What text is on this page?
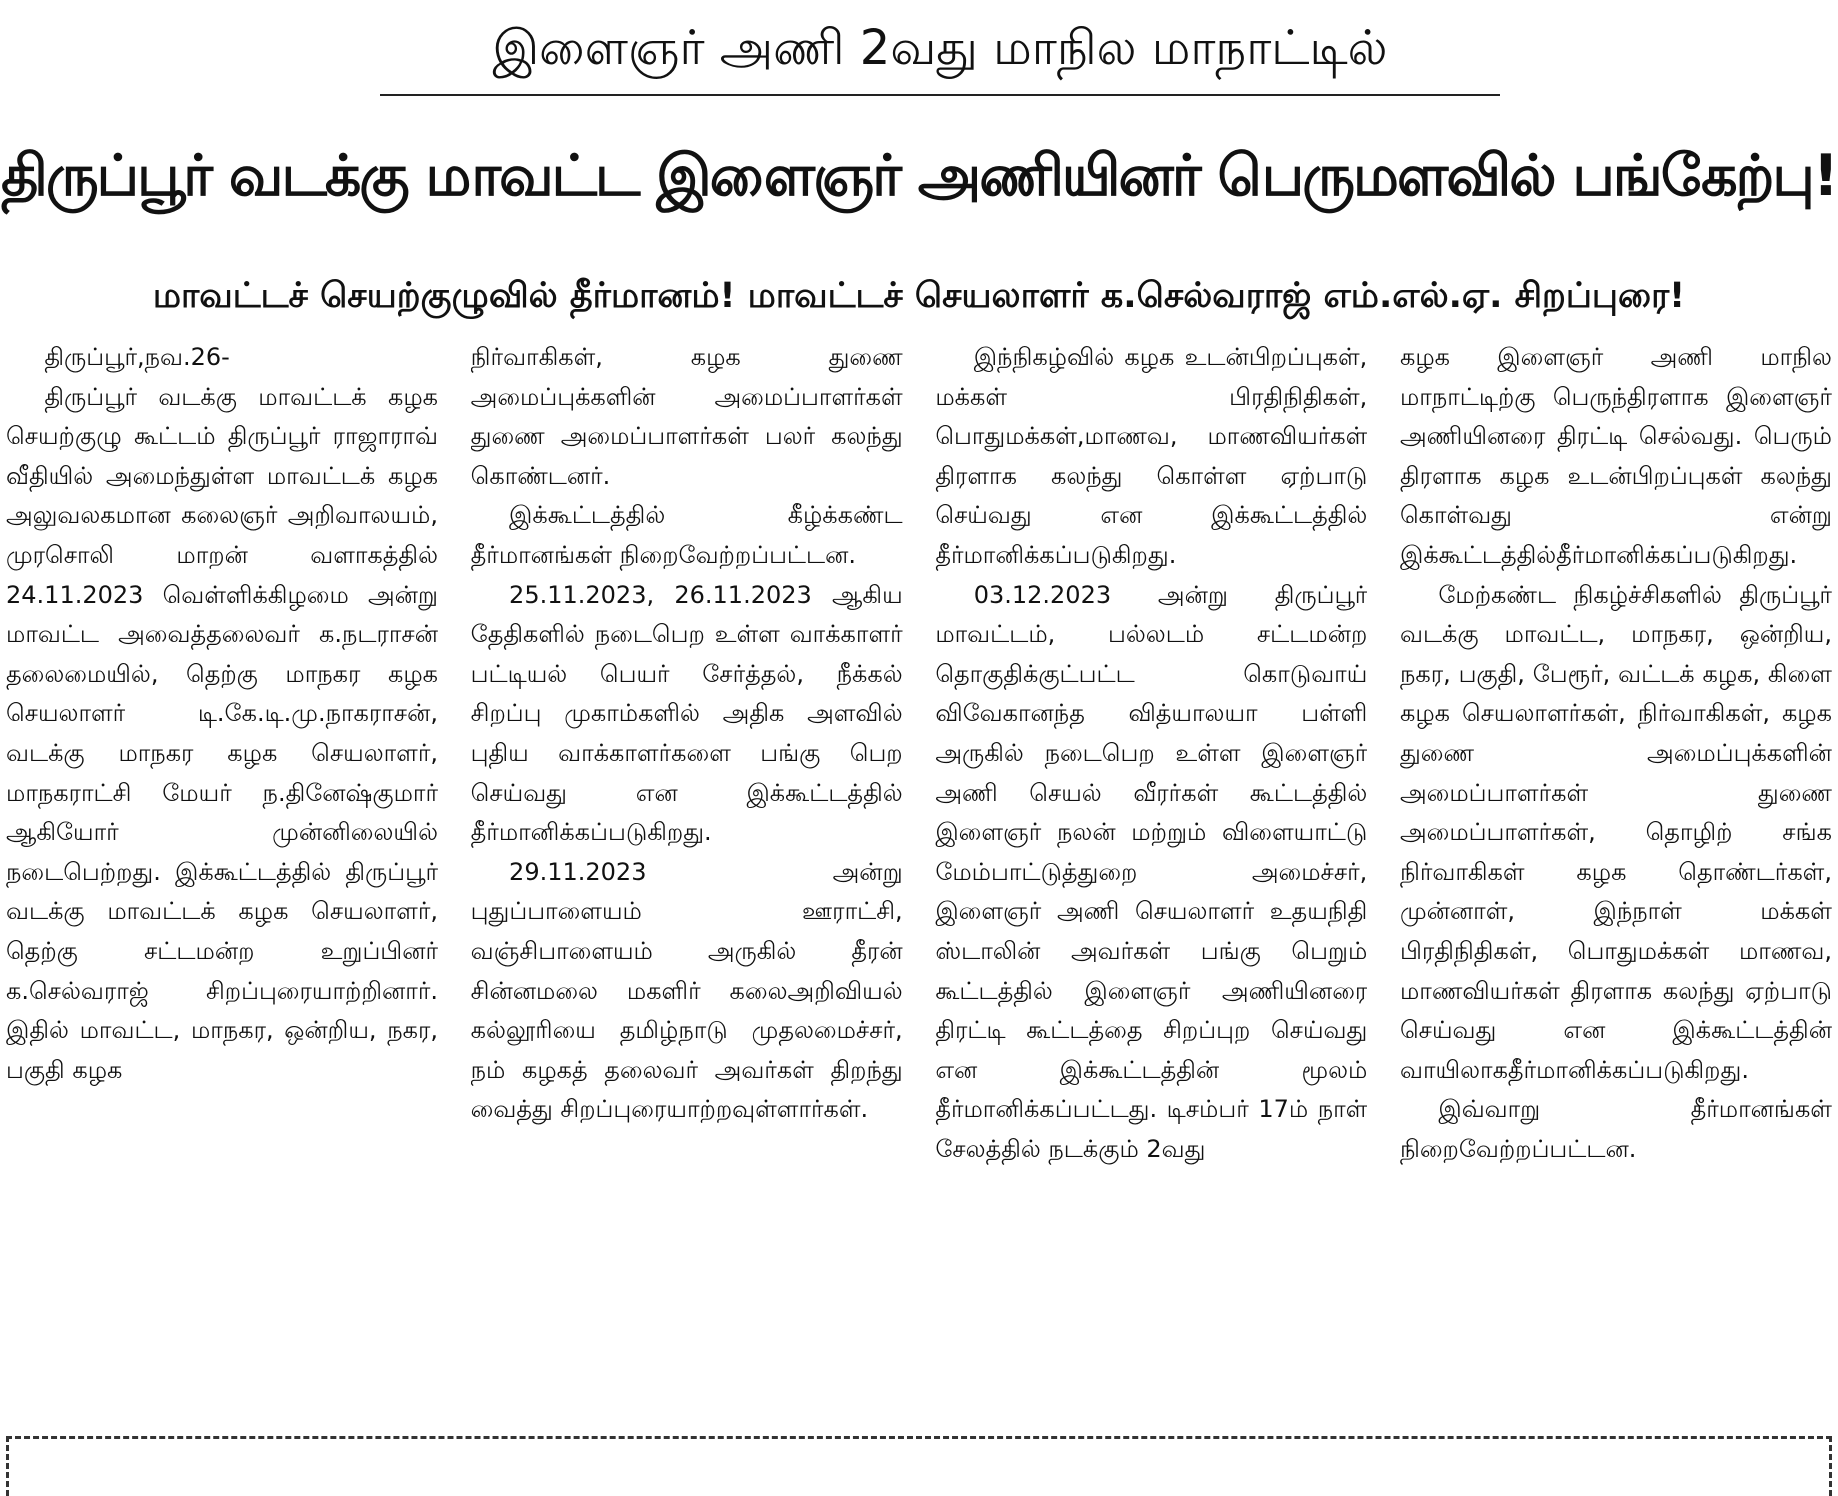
இளைஞர் அணி 2வது மாநில மாநாட்டில்
திருப்பூர் வடக்கு மாவட்ட இளைஞர் அணியினர் பெருமளவில் பங்கேற்பு!
மாவட்டச் செயற்குழுவில் தீர்மானம்! மாவட்டச் செயலாளர் க.செல்வராஜ் எம்.எல்.ஏ. சிறப்புரை!

திருப்பூர்,நவ.26-

திருப்பூர் வடக்கு மாவட்டக் கழக செயற்குழு கூட்டம் திருப்பூர் ராஜாராவ் வீதியில் அமைந்துள்ள மாவட்டக் கழக அலுவலகமான கலைஞர் அறிவாலயம், முரசொலி மாறன் வளாகத்தில் 24.11.2023 வெள்ளிக்கிழமை அன்று மாவட்ட அவைத்தலைவர் க.நடராசன் தலைமையில், தெற்கு மாநகர கழக செயலாளர் டி.கே.டி.மு.நாகராசன், வடக்கு மாநகர கழக செயலாளர், மாநகராட்சி மேயர் ந.தினேஷ்குமார் ஆகியோர் முன்னிலையில் நடைபெற்றது. இக்கூட்டத்தில் திருப்பூர் வடக்கு மாவட்டக் கழக செயலாளர், தெற்கு சட்டமன்ற உறுப்பினர் க.செல்வராஜ் சிறப்புரையாற்றினார். இதில் மாவட்ட, மாநகர, ஒன்றிய, நகர, பகுதி கழக

நிர்வாகிகள், கழக துணை அமைப்புக்களின் அமைப்பாளர்கள் துணை அமைப்பாளர்கள் பலர் கலந்து கொண்டனர்.

இக்கூட்டத்தில் கீழ்க்கண்ட தீர்மானங்கள் நிறைவேற்றப்பட்டன.

25.11.2023, 26.11.2023 ஆகிய தேதிகளில் நடைபெற உள்ள வாக்காளர் பட்டியல் பெயர் சேர்த்தல், நீக்கல் சிறப்பு முகாம்களில் அதிக அளவில் புதிய வாக்காளர்களை பங்கு பெற செய்வது என இக்கூட்டத்தில் தீர்மானிக்கப்படுகிறது.

29.11.2023 அன்று புதுப்பாளையம் ஊராட்சி, வஞ்சிபாளையம் அருகில் தீரன் சின்னமலை மகளிர் கலைஅறிவியல் கல்லூரியை தமிழ்நாடு முதலமைச்சர், நம் கழகத் தலைவர் அவர்கள் திறந்து வைத்து சிறப்புரையாற்றவுள்ளார்கள்.

இந்நிகழ்வில் கழக உடன்பிறப்புகள், மக்கள் பிரதிநிதிகள், பொதுமக்கள்,மாணவ, மாணவியர்கள் திரளாக கலந்து கொள்ள ஏற்பாடு செய்வது என இக்கூட்டத்தில் தீர்மானிக்கப்படுகிறது.

03.12.2023 அன்று திருப்பூர் மாவட்டம், பல்லடம் சட்டமன்ற தொகுதிக்குட்பட்ட கொடுவாய் விவேகானந்த வித்யாலயா பள்ளி அருகில் நடைபெற உள்ள இளைஞர் அணி செயல் வீரர்கள் கூட்டத்தில் இளைஞர் நலன் மற்றும் விளையாட்டு மேம்பாட்டுத்துறை அமைச்சர், இளைஞர் அணி செயலாளர் உதயநிதி ஸ்டாலின் அவர்கள் பங்கு பெறும் கூட்டத்தில் இளைஞர் அணியினரை திரட்டி கூட்டத்தை சிறப்புற செய்வது என இக்கூட்டத்தின் மூலம் தீர்மானிக்கப்பட்டது. டிசம்பர் 17ம் நாள் சேலத்தில் நடக்கும் 2வது

கழக இளைஞர் அணி மாநில மாநாட்டிற்கு பெருந்திரளாக இளைஞர் அணியினரை திரட்டி செல்வது. பெரும் திரளாக கழக உடன்பிறப்புகள் கலந்து கொள்வது என்று இக்கூட்டத்தில்தீர்மானிக்கப்படுகிறது.

மேற்கண்ட நிகழ்ச்சிகளில் திருப்பூர் வடக்கு மாவட்ட, மாநகர, ஒன்றிய, நகர, பகுதி, பேரூர், வட்டக் கழக, கிளை கழக செயலாளர்கள், நிர்வாகிகள், கழக துணை அமைப்புக்களின் அமைப்பாளர்கள் துணை அமைப்பாளர்கள், தொழிற் சங்க நிர்வாகிகள் கழக தொண்டர்கள், முன்னாள், இந்நாள் மக்கள் பிரதிநிதிகள், பொதுமக்கள் மாணவ, மாணவியர்கள் திரளாக கலந்து ஏற்பாடு செய்வது என இக்கூட்டத்தின் வாயிலாகதீர்மானிக்கப்படுகிறது.

இவ்வாறு தீர்மானங்கள் நிறைவேற்றப்பட்டன.
